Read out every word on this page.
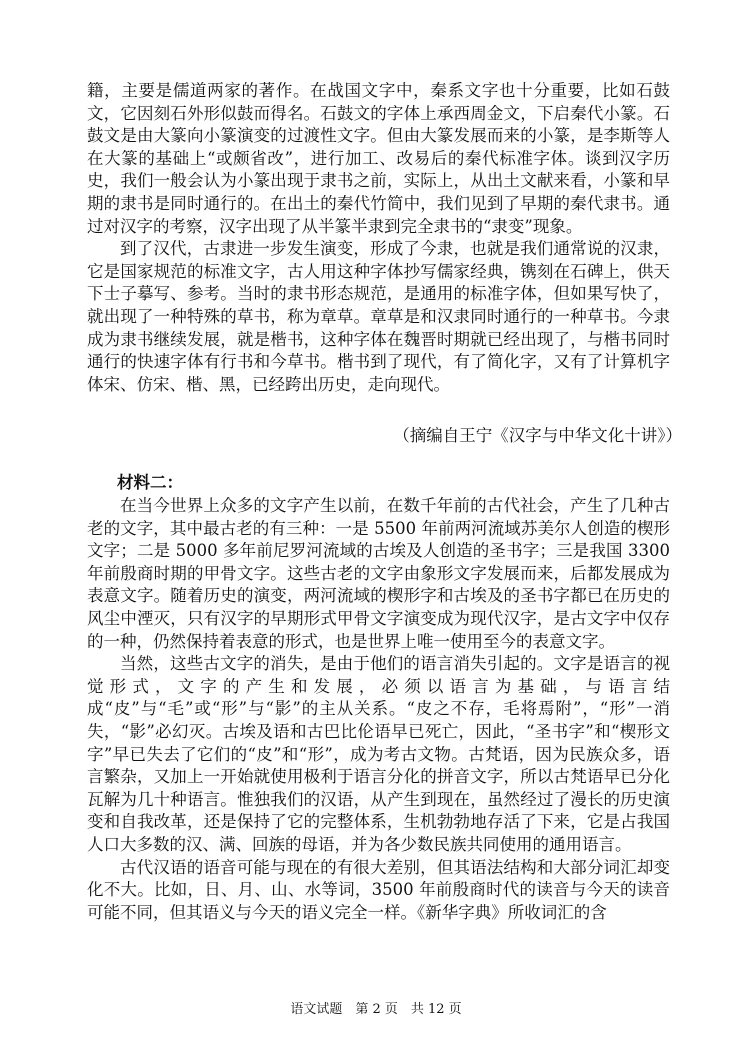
籍，主要是儒道两家的著作。在战国文字中，秦系文字也十分重要，比如石鼓文，它因刻石外形似鼓而得名。石鼓文的字体上承西周金文，下启秦代小篆。石鼓文是由大篆向小篆演变的过渡性文字。但由大篆发展而来的小篆，是李斯等人在大篆的基础上“或颇省改”，进行加工、改易后的秦代标准字体。谈到汉字历史，我们一般会认为小篆出现于隶书之前，实际上，从出土文献来看，小篆和早期的隶书是同时通行的。在出土的秦代竹简中，我们见到了早期的秦代隶书。通过对汉字的考察，汉字出现了从半篆半隶到完全隶书的“隶变”现象。

到了汉代，古隶进一步发生演变，形成了今隶，也就是我们通常说的汉隶，它是国家规范的标准文字，古人用这种字体抄写儒家经典，镌刻在石碑上，供天下士子摹写、参考。当时的隶书形态规范，是通用的标准字体，但如果写快了，就出现了一种特殊的草书，称为章草。章草是和汉隶同时通行的一种草书。今隶成为隶书继续发展，就是楷书，这种字体在魏晋时期就已经出现了，与楷书同时通行的快速字体有行书和今草书。楷书到了现代，有了简化字，又有了计算机字体宋、仿宋、楷、黑，已经跨出历史，走向现代。

（摘编自王宁《汉字与中华文化十讲》）
材料二：

在当今世界上众多的文字产生以前，在数千年前的古代社会，产生了几种古老的文字，其中最古老的有三种：一是 5500 年前两河流域苏美尔人创造的楔形文字；二是 5000 多年前尼罗河流域的古埃及人创造的圣书字；三是我国 3300 年前殷商时期的甲骨文字。这些古老的文字由象形文字发展而来，后都发展成为表意文字。随着历史的演变，两河流域的楔形字和古埃及的圣书字都已在历史的风尘中湮灭，只有汉字的早期形式甲骨文字演变成为现代汉字，是古文字中仅存的一种，仍然保持着表意的形式，也是世界上唯一使用至今的表意文字。

当然，这些古文字的消失，是由于他们的语言消失引起的。文字是语言的视觉形式，文字的产生和发展，必须以语言为基础，与语言结成“皮”与“毛”或“形”与“影”的主从关系。“皮之不存，毛将焉附”，“形”一消失，“影”必幻灭。古埃及语和古巴比伦语早已死亡，因此，“圣书字”和“楔形文字”早已失去了它们的“皮”和“形”，成为考古文物。古梵语，因为民族众多，语言繁杂，又加上一开始就使用极利于语言分化的拼音文字，所以古梵语早已分化瓦解为几十种语言。惟独我们的汉语，从产生到现在，虽然经过了漫长的历史演变和自我改革，还是保持了它的完整体系，生机勃勃地存活了下来，它是占我国人口大多数的汉、满、回族的母语，并为各少数民族共同使用的通用语言。

古代汉语的语音可能与现在的有很大差别，但其语法结构和大部分词汇却变化不大。比如，日、月、山、水等词，3500 年前殷商时代的读音与今天的读音可能不同，但其语义与今天的语义完全一样。《新华字典》所收词汇的含

语文试题　第 2 页　共 12 页
